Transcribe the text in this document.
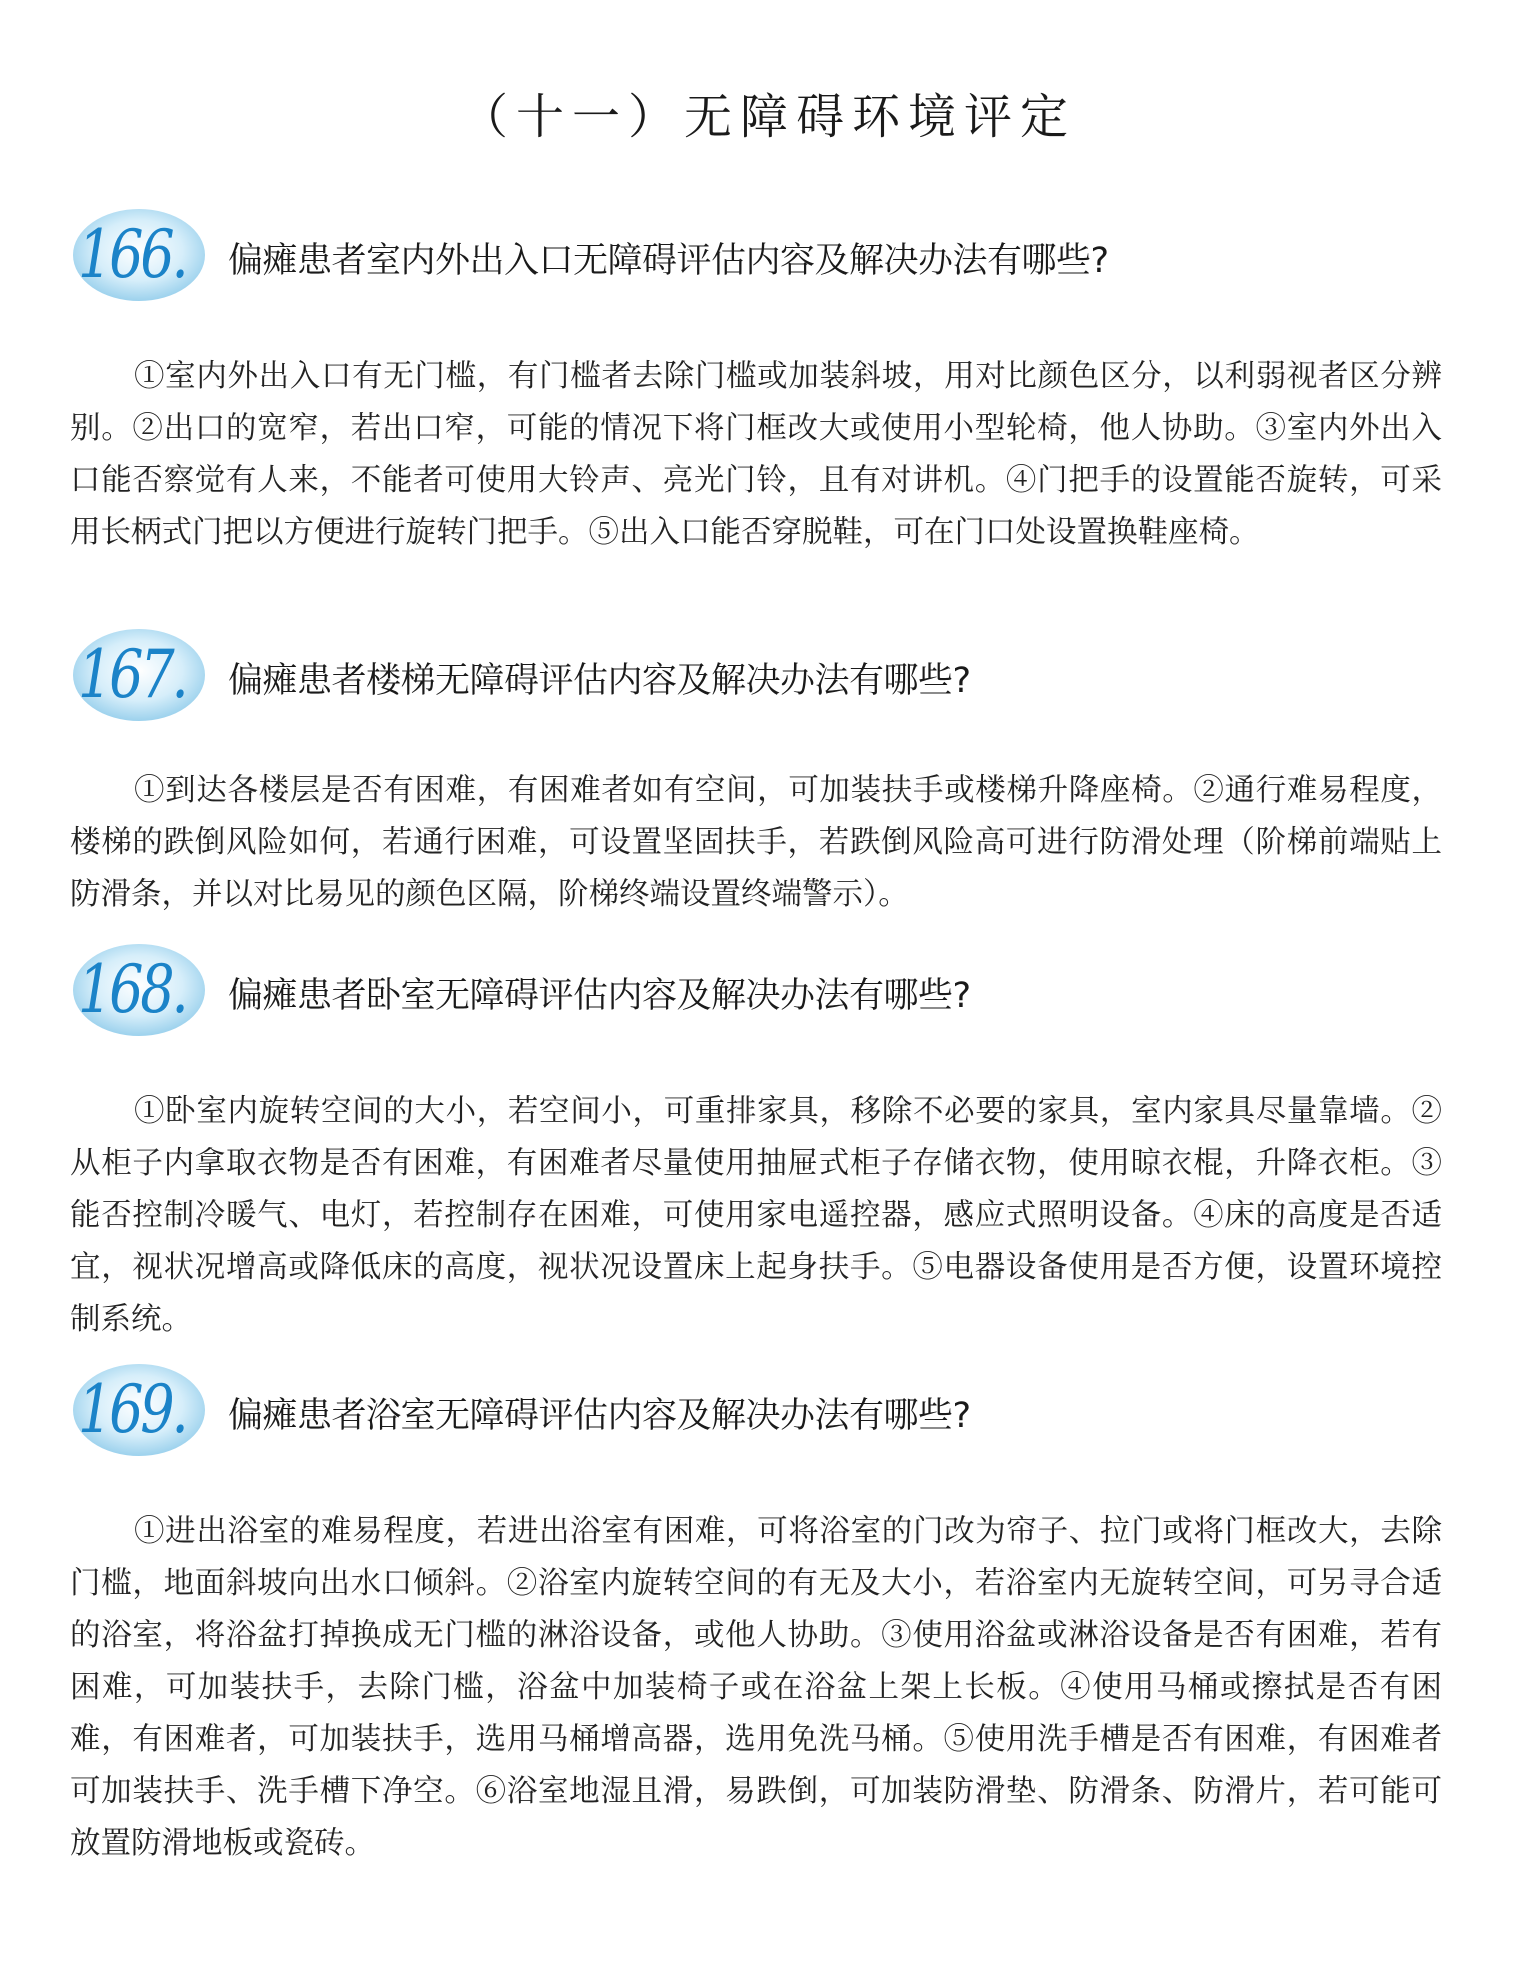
（十一）无障碍环境评定
166. 偏瘫患者室内外出入口无障碍评估内容及解决办法有哪些?

①室内外出入口有无门槛，有门槛者去除门槛或加装斜坡，用对比颜色区分，以利弱视者区分辨别。②出口的宽窄，若出口窄，可能的情况下将门框改大或使用小型轮椅，他人协助。③室内外出入口能否察觉有人来，不能者可使用大铃声、亮光门铃，且有对讲机。④门把手的设置能否旋转，可采用长柄式门把以方便进行旋转门把手。⑤出入口能否穿脱鞋，可在门口处设置换鞋座椅。

167. 偏瘫患者楼梯无障碍评估内容及解决办法有哪些?

①到达各楼层是否有困难，有困难者如有空间，可加装扶手或楼梯升降座椅。②通行难易程度，楼梯的跌倒风险如何，若通行困难，可设置坚固扶手，若跌倒风险高可进行防滑处理（阶梯前端贴上防滑条，并以对比易见的颜色区隔，阶梯终端设置终端警示）。

168. 偏瘫患者卧室无障碍评估内容及解决办法有哪些?

①卧室内旋转空间的大小，若空间小，可重排家具，移除不必要的家具，室内家具尽量靠墙。②从柜子内拿取衣物是否有困难，有困难者尽量使用抽屉式柜子存储衣物，使用晾衣棍，升降衣柜。③能否控制冷暖气、电灯，若控制存在困难，可使用家电遥控器，感应式照明设备。④床的高度是否适宜，视状况增高或降低床的高度，视状况设置床上起身扶手。⑤电器设备使用是否方便，设置环境控制系统。

169. 偏瘫患者浴室无障碍评估内容及解决办法有哪些?

①进出浴室的难易程度，若进出浴室有困难，可将浴室的门改为帘子、拉门或将门框改大，去除门槛，地面斜坡向出水口倾斜。②浴室内旋转空间的有无及大小，若浴室内无旋转空间，可另寻合适的浴室，将浴盆打掉换成无门槛的淋浴设备，或他人协助。③使用浴盆或淋浴设备是否有困难，若有困难，可加装扶手，去除门槛，浴盆中加装椅子或在浴盆上架上长板。④使用马桶或擦拭是否有困难，有困难者，可加装扶手，选用马桶增高器，选用免洗马桶。⑤使用洗手槽是否有困难，有困难者可加装扶手、洗手槽下净空。⑥浴室地湿且滑，易跌倒，可加装防滑垫、防滑条、防滑片，若可能可放置防滑地板或瓷砖。
